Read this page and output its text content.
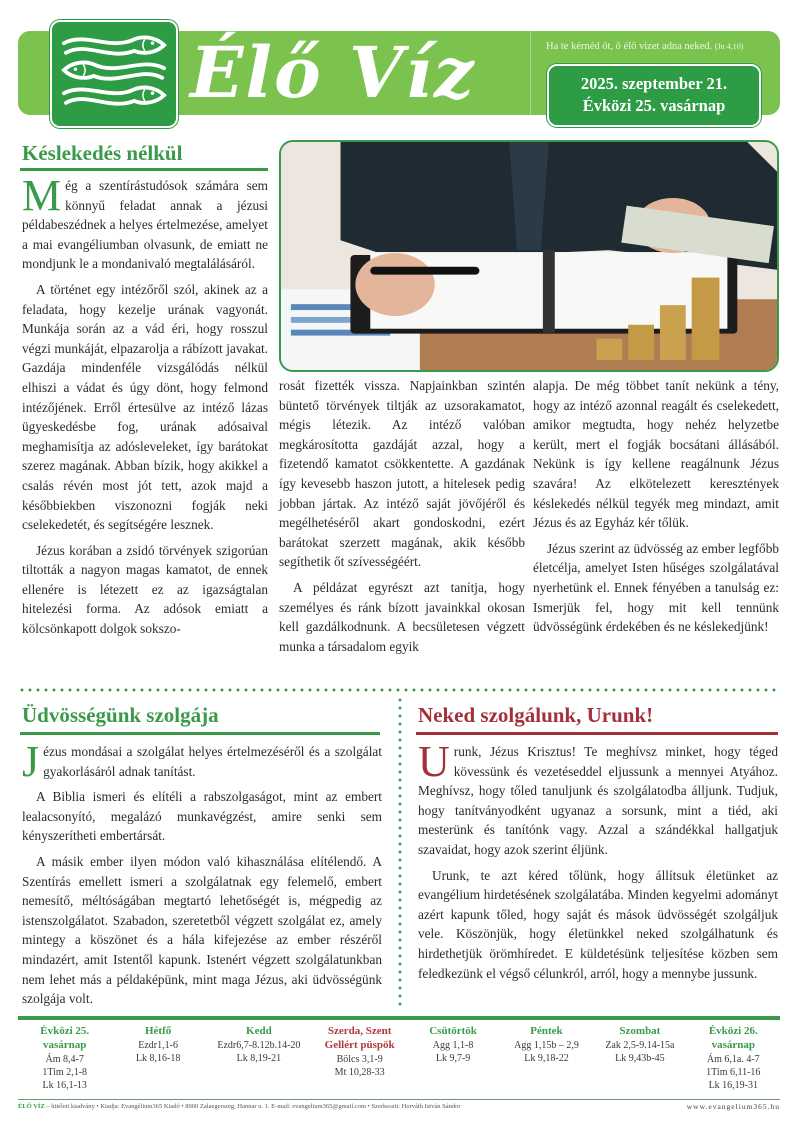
Élő Víz	Ha te kérnéd őt, ő élő vizet adna neked. (Jn 4,10)
2025. szeptember 21.
Évközi 25. vasárnap
Késlekedés nélkül

Még a szentírástudósok számára sem könnyű feladat annak a jézusi példabeszédnek a helyes értelmezése, amelyet a mai evangéliumban olvasunk, de emiatt ne mondjunk le a mondanivaló megtalálásáról.

A történet egy intézőről szól, akinek az a feladata, hogy kezelje urának vagyonát. Munkája során az a vád éri, hogy rosszul végzi munkáját, elpazarolja a rábízott javakat. Gazdája mindenféle vizsgálódás nélkül elhiszi a vádat és úgy dönt, hogy felmond intézőjének. Erről értesülve az intéző lázas ügyeskedésbe fog, urának adósaival meghamisítja az adósleveleket, így barátokat szerez magának. Abban bízik, hogy akikkel a csalás révén most jót tett, azok majd a későbbiekben viszonozni fogják neki cselekedetét, és segítségére lesznek.

Jézus korában a zsidó törvények szigorúan tiltották a nagyon magas kamatot, de ennek ellenére is létezett ez az igazságtalan hitelezési forma. Az adósok emiatt a kölcsönkapott dolgok sokszo-

rosát fizették vissza. Napjainkban szintén büntető törvények tiltják az uzsorakamatot, mégis létezik. Az intéző valóban megkárosította gazdáját azzal, hogy a fizetendő kamatot csökkentette. A gazdának így kevesebb haszon jutott, a hitelesek pedig jobban jártak. Az intéző saját jövőjéről és megélhetéséről akart gondoskodni, ezért barátokat szerzett magának, akik később segíthetik őt szívességéért.

A példázat egyrészt azt tanítja, hogy személyes és ránk bízott javainkkal okosan kell gazdálkodnunk. A becsületesen végzett munka a társadalom egyik

alapja. De még többet tanít nekünk a tény, hogy az intéző azonnal reagált és cselekedett, amikor megtudta, hogy nehéz helyzetbe került, mert el fogják bocsátani állásából. Nekünk is így kellene reagálnunk Jézus szavára! Az elkötelezett keresztények késlekedés nélkül tegyék meg mindazt, amit Jézus és az Egyház kér tőlük.

Jézus szerint az üdvösség az ember legfőbb életcélja, amelyet Isten hűséges szolgálatával nyerhetünk el. Ennek fényében a tanulság ez: Ismerjük fel, hogy mit kell tennünk üdvösségünk érdekében és ne késlekedjünk!

Üdvösségünk szolgája

Jézus mondásai a szolgálat helyes értelmezéséről és a szolgálat gyakorlásáról adnak tanítást.

A Biblia ismeri és elítéli a rabszolgaságot, mint az embert lealacsonyító, megalázó munkavégzést, amire senki sem kényszerítheti embertársát.

A másik ember ilyen módon való kihasználása elítélendő. A Szentírás emellett ismeri a szolgálatnak egy felemelő, embert nemesítő, méltóságában megtartó lehetőségét is, mégpedig az istenszolgálatot. Szabadon, szeretetből végzett szolgálat ez, amely mintegy a köszönet és a hála kifejezése az ember részéről mindazért, amit Istentől kapunk. Istenért végzett szolgálatunkban nem lehet más a példaképünk, mint maga Jézus, aki üdvösségünk szolgája volt.

Neked szolgálunk, Urunk!

Urunk, Jézus Krisztus! Te meghívsz minket, hogy téged kövessünk és vezetéseddel eljussunk a mennyei Atyához. Meghívsz, hogy tőled tanuljunk és szolgálatodba álljunk. Tudjuk, hogy tanítványodként ugyanaz a sorsunk, mint a tiéd, aki mesterünk és tanítónk vagy. Azzal a szándékkal hallgatjuk szavaidat, hogy azok szerint éljünk.

Urunk, te azt kéred tőlünk, hogy állítsuk életünket az evangélium hirdetésének szolgálatába. Minden kegyelmi adományt azért kapunk tőled, hogy saját és mások üdvösségét szolgáljuk vele. Köszönjük, hogy életünkkel neked szolgálhatunk és hirdethetjük örömhíredet. E küldetésünk teljesítése közben sem feledkezünk el végső célunkról, arról, hogy a mennybe jussunk.

Évközi 25. vasárnap
Ám 8,4-7
1Tim 2,1-8
Lk 16,1-13
Hétfő
Ezdr1,1-6
Lk 8,16-18
Kedd
Ezdr6,7-8.12b.14-20
Lk 8,19-21
Szerda, Szent Gellért püspök
Bölcs 3,1-9
Mt 10,28-33
Csütörtök
Agg 1,1-8
Lk 9,7-9
Péntek
Agg 1,15b – 2,9
Lk 9,18-22
Szombat
Zak 2,5-9.14-15a
Lk 9,43b-45
Évközi 26. vasárnap
Ám 6,1a. 4-7
1Tim 6,11-16
Lk 16,19-31
ÉLŐ VÍZ – hitéleti kiadvány • Kiadja: Evangélium365 Kiadó • 8900 Zalaegerszeg, Hannar u. 1. E-mail: evangelium365@gmail.com • Szerkeszti: Horváth István Sándor	www.evangelium365.hu
